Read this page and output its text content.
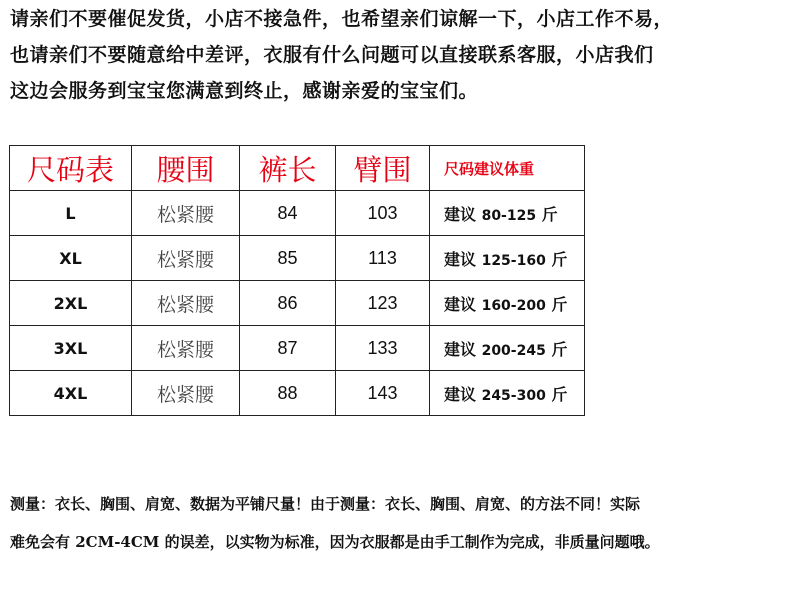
请亲们不要催促发货，小店不接急件，也希望亲们谅解一下，小店工作不易，
也请亲们不要随意给中差评，衣服有什么问题可以直接联系客服，小店我们
这边会服务到宝宝您满意到终止，感谢亲爱的宝宝们。
尺码表	腰围	裤长	臂围	尺码建议体重
L	松紧腰	84	103	建议 80-125 斤
XL	松紧腰	85	113	建议 125-160 斤
2XL	松紧腰	86	123	建议 160-200 斤
3XL	松紧腰	87	133	建议 200-245 斤
4XL	松紧腰	88	143	建议 245-300 斤
测量：衣长、胸围、肩宽、数据为平铺尺量！由于测量：衣长、胸围、肩宽、的方法不同！实际
难免会有 2CM-4CM 的误差，以实物为标准，因为衣服都是由手工制作为完成，非质量问题哦。
